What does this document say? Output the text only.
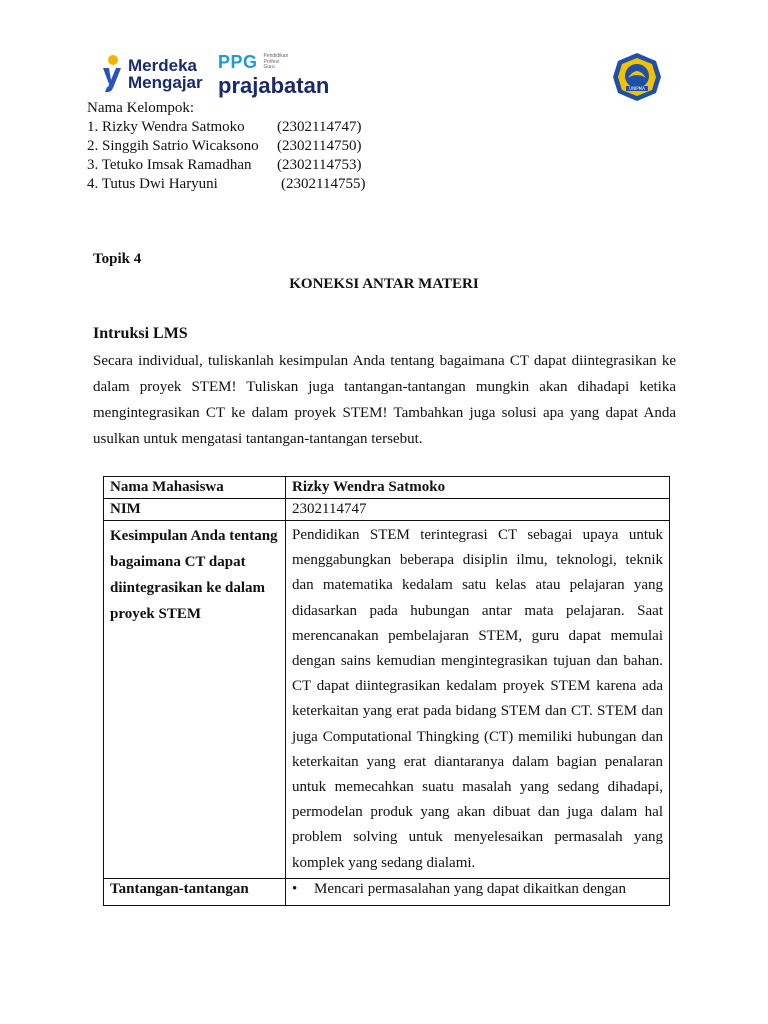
Merdeka
Mengajar
PPG Pendidikan
Profesi
Guru
prajabatan	UNIPMA
Nama Kelompok:
1. Rizky Wendra Satmoko	(2302114747)
2. Singgih Satrio Wicaksono	(2302114750)
3. Tetuko Imsak Ramadhan	(2302114753)
4. Tutus Dwi Haryuni	(2302114755)
Topik 4
KONEKSI ANTAR MATERI
Intruksi LMS
Secara individual, tuliskanlah kesimpulan Anda tentang bagaimana CT dapat diintegrasikan ke dalam proyek STEM! Tuliskan juga tantangan-tantangan mungkin akan dihadapi ketika mengintegrasikan CT ke dalam proyek STEM! Tambahkan juga solusi apa yang dapat Anda usulkan untuk mengatasi tantangan-tantangan tersebut.
Nama Mahasiswa	Rizky Wendra Satmoko
NIM	2302114747
Kesimpulan Anda tentang bagaimana CT dapat diintegrasikan ke dalam proyek STEM	Pendidikan STEM terintegrasi CT sebagai upaya untuk menggabungkan beberapa disiplin ilmu, teknologi, teknik dan matematika kedalam satu kelas atau pelajaran yang didasarkan pada hubungan antar mata pelajaran. Saat merencanakan pembelajaran STEM, guru dapat memulai dengan sains kemudian mengintegrasikan tujuan dan bahan. CT dapat diintegrasikan kedalam proyek STEM karena ada keterkaitan yang erat pada bidang STEM dan CT. STEM dan juga Computational Thingking (CT) memiliki hubungan dan keterkaitan yang erat diantaranya dalam bagian penalaran untuk memecahkan suatu masalah yang sedang dihadapi, permodelan produk yang akan dibuat dan juga dalam hal problem solving untuk menyelesaikan permasalah yang komplek yang sedang dialami.
Tantangan-tantangan	• Mencari permasalahan yang dapat dikaitkan dengan
